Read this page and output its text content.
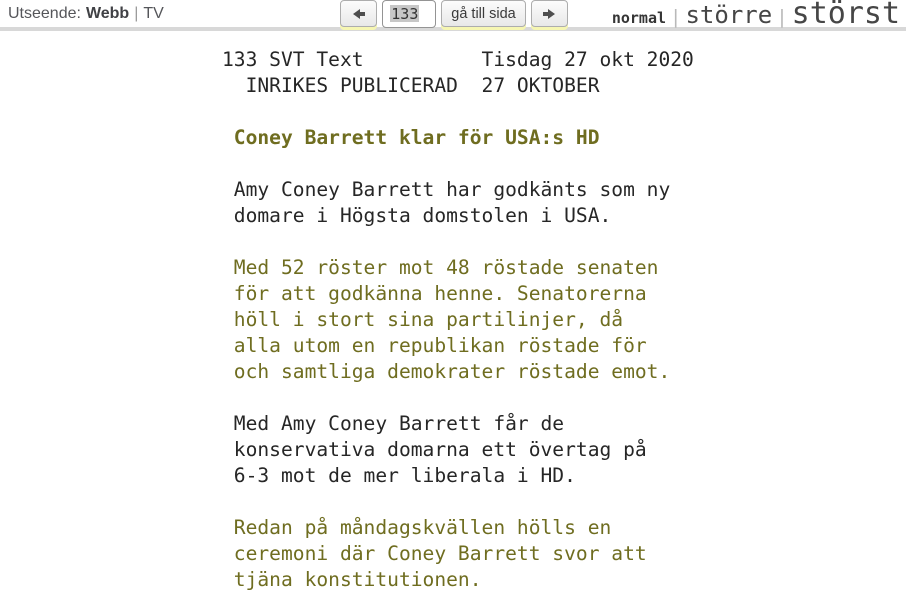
Utseende: Webb | TV
133	gå till sida	normal | större | störst
133 SVT Text          Tisdag 27 okt 2020
INRIKES PUBLICERAD  27 OKTOBER
Coney Barrett klar för USA:s HD
Amy Coney Barrett har godkänts som ny
domare i Högsta domstolen i USA.
Med 52 röster mot 48 röstade senaten
för att godkänna henne. Senatorerna
höll i stort sina partilinjer, då
alla utom en republikan röstade för
och samtliga demokrater röstade emot.
Med Amy Coney Barrett får de
konservativa domarna ett övertag på
6-3 mot de mer liberala i HD.
Redan på måndagskvällen hölls en
ceremoni där Coney Barrett svor att
tjäna konstitutionen.
